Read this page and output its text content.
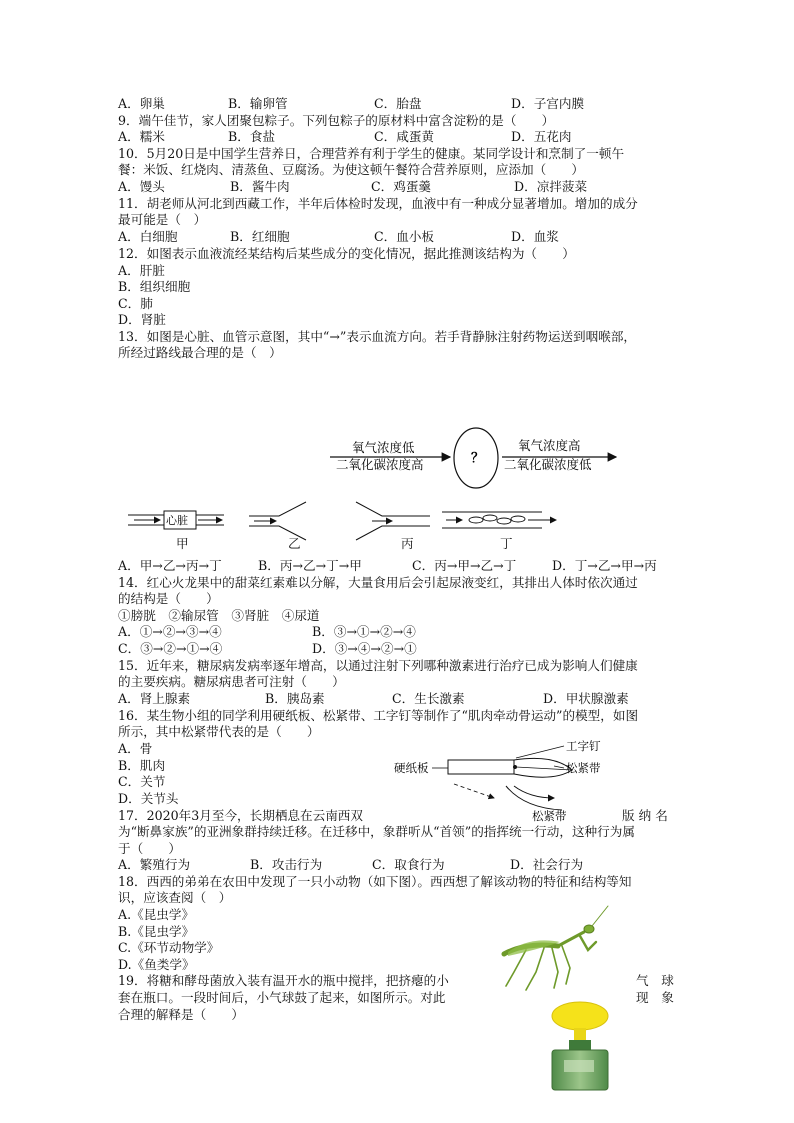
A．卵巢	B．输卵管	C．胎盘	D．子宫内膜
9．端午佳节，家人团聚包粽子。下列包粽子的原材料中富含淀粉的是（　　）
A．糯米	B．食盐	C．咸蛋黄	D．五花肉
10．5月20日是中国学生营养日，合理营养有利于学生的健康。某同学设计和烹制了一顿午
餐：米饭、红烧肉、清蒸鱼、豆腐汤。为使这顿午餐符合营养原则，应添加（　　）
A．馒头	B．酱牛肉	C．鸡蛋羹	D．凉拌菠菜
11．胡老师从河北到西藏工作，半年后体检时发现，血液中有一种成分显著增加。增加的成分
最可能是（　）
A．白细胞	B．红细胞	C．血小板	D．血浆
12．如图表示血液流经某结构后某些成分的变化情况，据此推测该结构为（　　）
A．肝脏
B．组织细胞
C．肺
D．肾脏
13．如图是心脏、血管示意图，其中“→”表示血流方向。若手背静脉注射药物运送到咽喉部，
所经过路线最合理的是（　）
氧气浓度低
二氧化碳浓度高	？
氧气浓度高
二氧化碳浓度低
心脏
甲	乙	丙	丁
A．甲→乙→丙→丁	B．丙→乙→丁→甲	C．丙→甲→乙→丁	D．丁→乙→甲→丙
14．红心火龙果中的甜菜红素难以分解，大量食用后会引起尿液变红，其排出人体时依次通过
的结构是（　　）
①膀胱　②输尿管　③肾脏　④尿道
A．①→②→③→④	B．③→①→②→④
C．③→②→①→④	D．③→④→②→①
15．近年来，糖尿病发病率逐年增高，以通过注射下列哪种激素进行治疗已成为影响人们健康
的主要疾病。糖尿病患者可注射（　　）
A．肾上腺素	B．胰岛素	C．生长激素	D．甲状腺激素
16．某生物小组的同学利用硬纸板、松紧带、工字钉等制作了“肌肉牵动骨运动”的模型，如图
所示，其中松紧带代表的是（　　）
A．骨
B．肌肉
C．关节
D．关节头
硬纸板
工字钉
松紧带
松紧带
17．2020年3月至今，长期栖息在云南西双	版 纳 名
为“断鼻家族”的亚洲象群持续迁移。在迁移中，象群听从“首领”的指挥统一行动，这种行为属
于（　　）
A．繁殖行为	B．攻击行为	C．取食行为	D．社会行为
18．西西的弟弟在农田中发现了一只小动物（如下图）。西西想了解该动物的特征和结构等知
识，应该查阅（　）
A.《昆虫学》
B.《昆虫学》
C.《环节动物学》
D.《鱼类学》
19．将糖和酵母菌放入装有温开水的瓶中搅拌，把挤瘪的小	气　球
套在瓶口。一段时间后，小气球鼓了起来，如图所示。对此	现　象
合理的解释是（　　）
